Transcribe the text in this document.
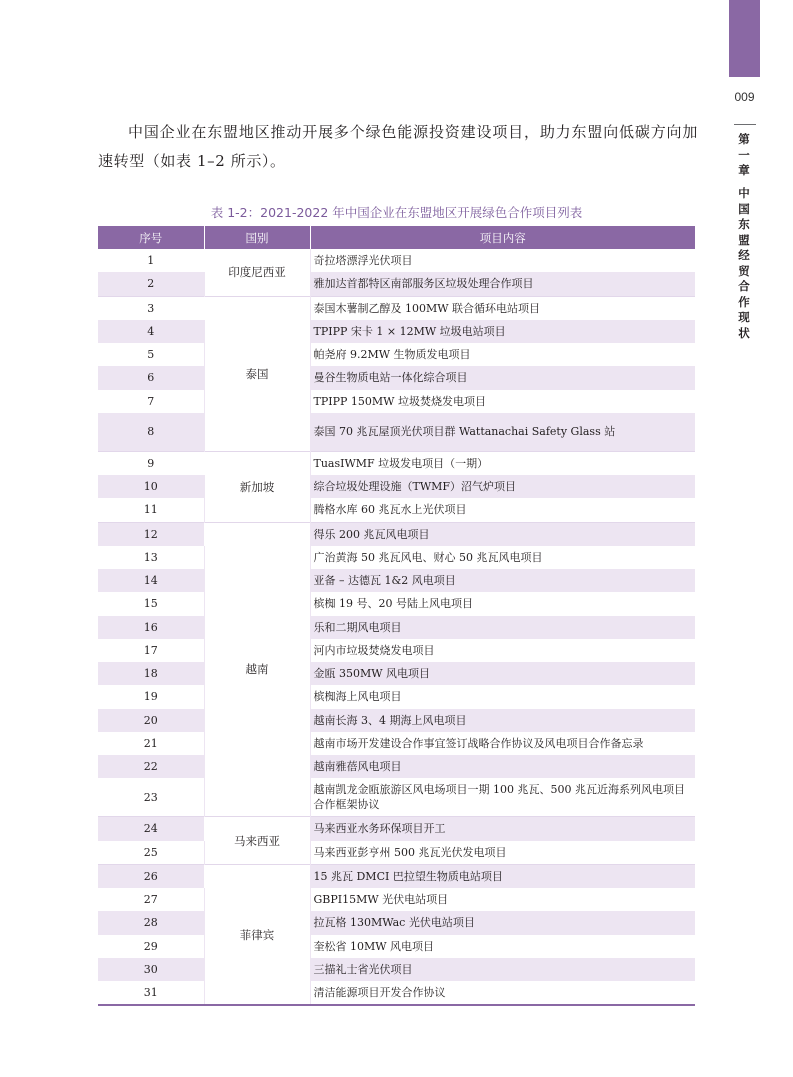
009
第
一
章
中
国
东
盟
经
贸
合
作
现
状

中国企业在东盟地区推动开展多个绿色能源投资建设项目，助力东盟向低碳方向加速转型（如表 1–2 所示）。

表 1-2：2021-2022 年中国企业在东盟地区开展绿色合作项目列表
序号	国别	项目内容
1	印度尼西亚	奇拉塔漂浮光伏项目
2		雅加达首都特区南部服务区垃圾处理合作项目
3	泰国	泰国木薯制乙醇及 100MW 联合循环电站项目
4		TPIPP 宋卡 1 × 12MW 垃圾电站项目
5		帕尧府 9.2MW 生物质发电项目
6		曼谷生物质电站一体化综合项目
7		TPIPP 150MW 垃圾焚烧发电项目
8		泰国 70 兆瓦屋顶光伏项目群 Wattanachai Safety Glass 站
9	新加坡	TuasIWMF 垃圾发电项目（一期）
10		综合垃圾处理设施（TWMF）沼气炉项目
11		腾格水库 60 兆瓦水上光伏项目
12	越南	得乐 200 兆瓦风电项目
13		广治黄海 50 兆瓦风电、财心 50 兆瓦风电项目
14		亚备 – 达德瓦 1&2 风电项目
15		槟椥 19 号、20 号陆上风电项目
16		乐和二期风电项目
17		河内市垃圾焚烧发电项目
18		金瓯 350MW 风电项目
19		槟椥海上风电项目
20		越南长海 3、4 期海上风电项目
21		越南市场开发建设合作事宜签订战略合作协议及风电项目合作备忘录
22		越南雅蓓风电项目
23		越南凯龙金瓯旅游区风电场项目一期 100 兆瓦、500 兆瓦近海系列风电项目合作框架协议
24	马来西亚	马来西亚水务环保项目开工
25		马来西亚彭亨州 500 兆瓦光伏发电项目
26	菲律宾	15 兆瓦 DMCI 巴拉望生物质电站项目
27		GBPI15MW 光伏电站项目
28		拉瓦格 130MWac 光伏电站项目
29		奎松省 10MW 风电项目
30		三描礼士省光伏项目
31		清洁能源项目开发合作协议
